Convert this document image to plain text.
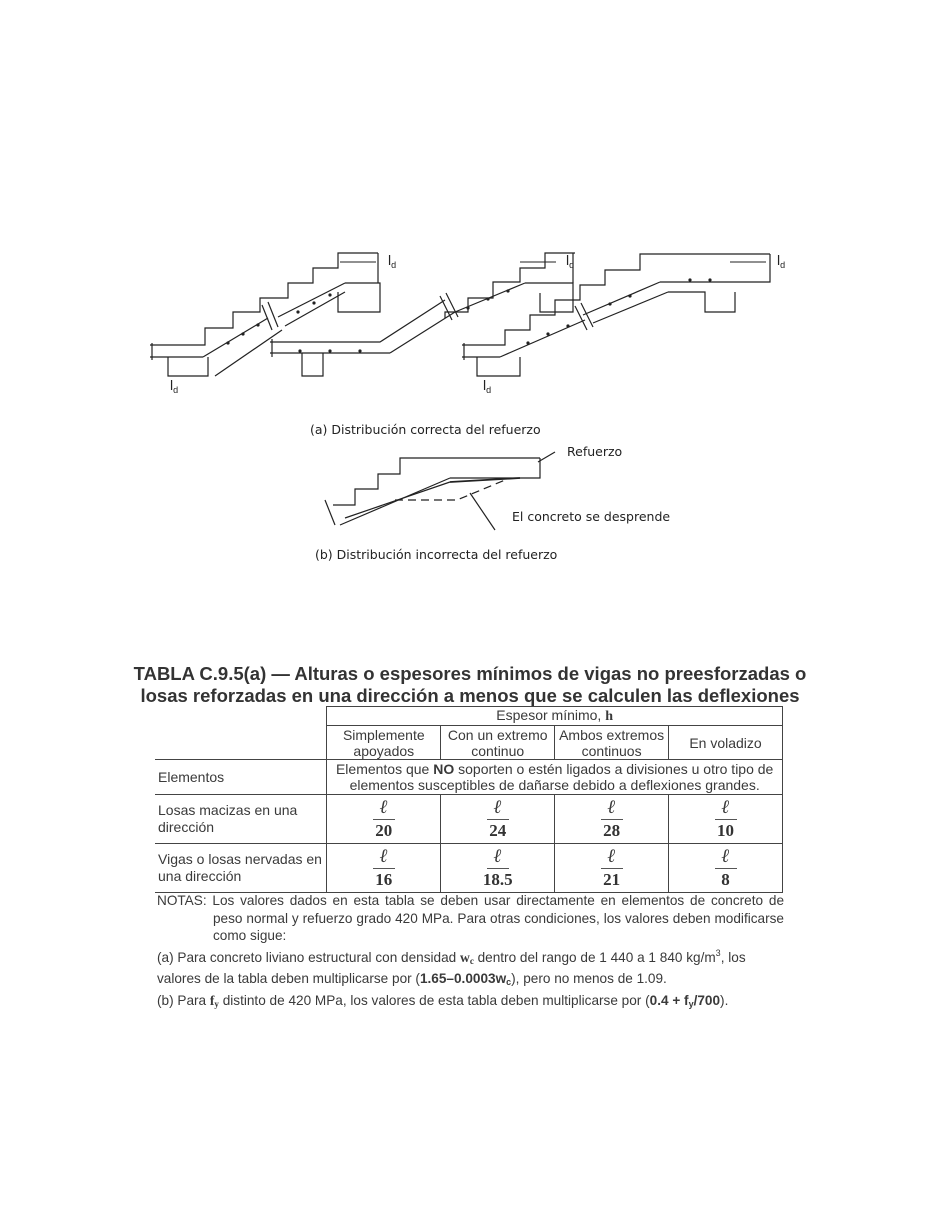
$l_d$	$l_d$	$l_d$
$l_d$	$l_d$
(a) Distribución correcta del refuerzo
Refuerzo
El concreto se desprende
(b) Distribución incorrecta del refuerzo
TABLA C.9.5(a) — Alturas o espesores mínimos de vigas no preesforzadas o
losas reforzadas en una dirección a menos que se calculen las deflexiones
	Espesor mínimo, h			
	Simplemente apoyados	Con un extremo continuo	Ambos extremos continuos	En voladizo
Elementos	Elementos que NO soporten o estén ligados a divisiones u otro tipo de elementos susceptibles de dañarse debido a deflexiones grandes.			
Losas macizas en una dirección	$\frac{\text{ℓ}}{20}$	$\frac{\text{ℓ}}{24}$	$\frac{\text{ℓ}}{28}$	$\frac{\text{ℓ}}{10}$

Vigas o losas nervadas en una dirección	$\frac{\text{ℓ}}{16}$	$\frac{\text{ℓ}}{18.5}$	$\frac{\text{ℓ}}{21}$	$\frac{\text{ℓ}}{8}$
NOTAS: Los valores dados en esta tabla se deben usar directamente en elementos de concreto de peso normal y refuerzo grado 420 MPa. Para otras condiciones, los valores deben modificarse como sigue:
(a) Para concreto liviano estructural con densidad $w_c$ dentro del rango de 1 440 a 1 840 $kg/m^3$, los valores de la tabla deben multiplicarse por $(1.65-0.0003w_c)$, pero no menos de 1.09.
(b) Para $f_y$ distinto de 420 MPa, los valores de esta tabla deben multiplicarse por $(0.4 + f_y/700)$.
